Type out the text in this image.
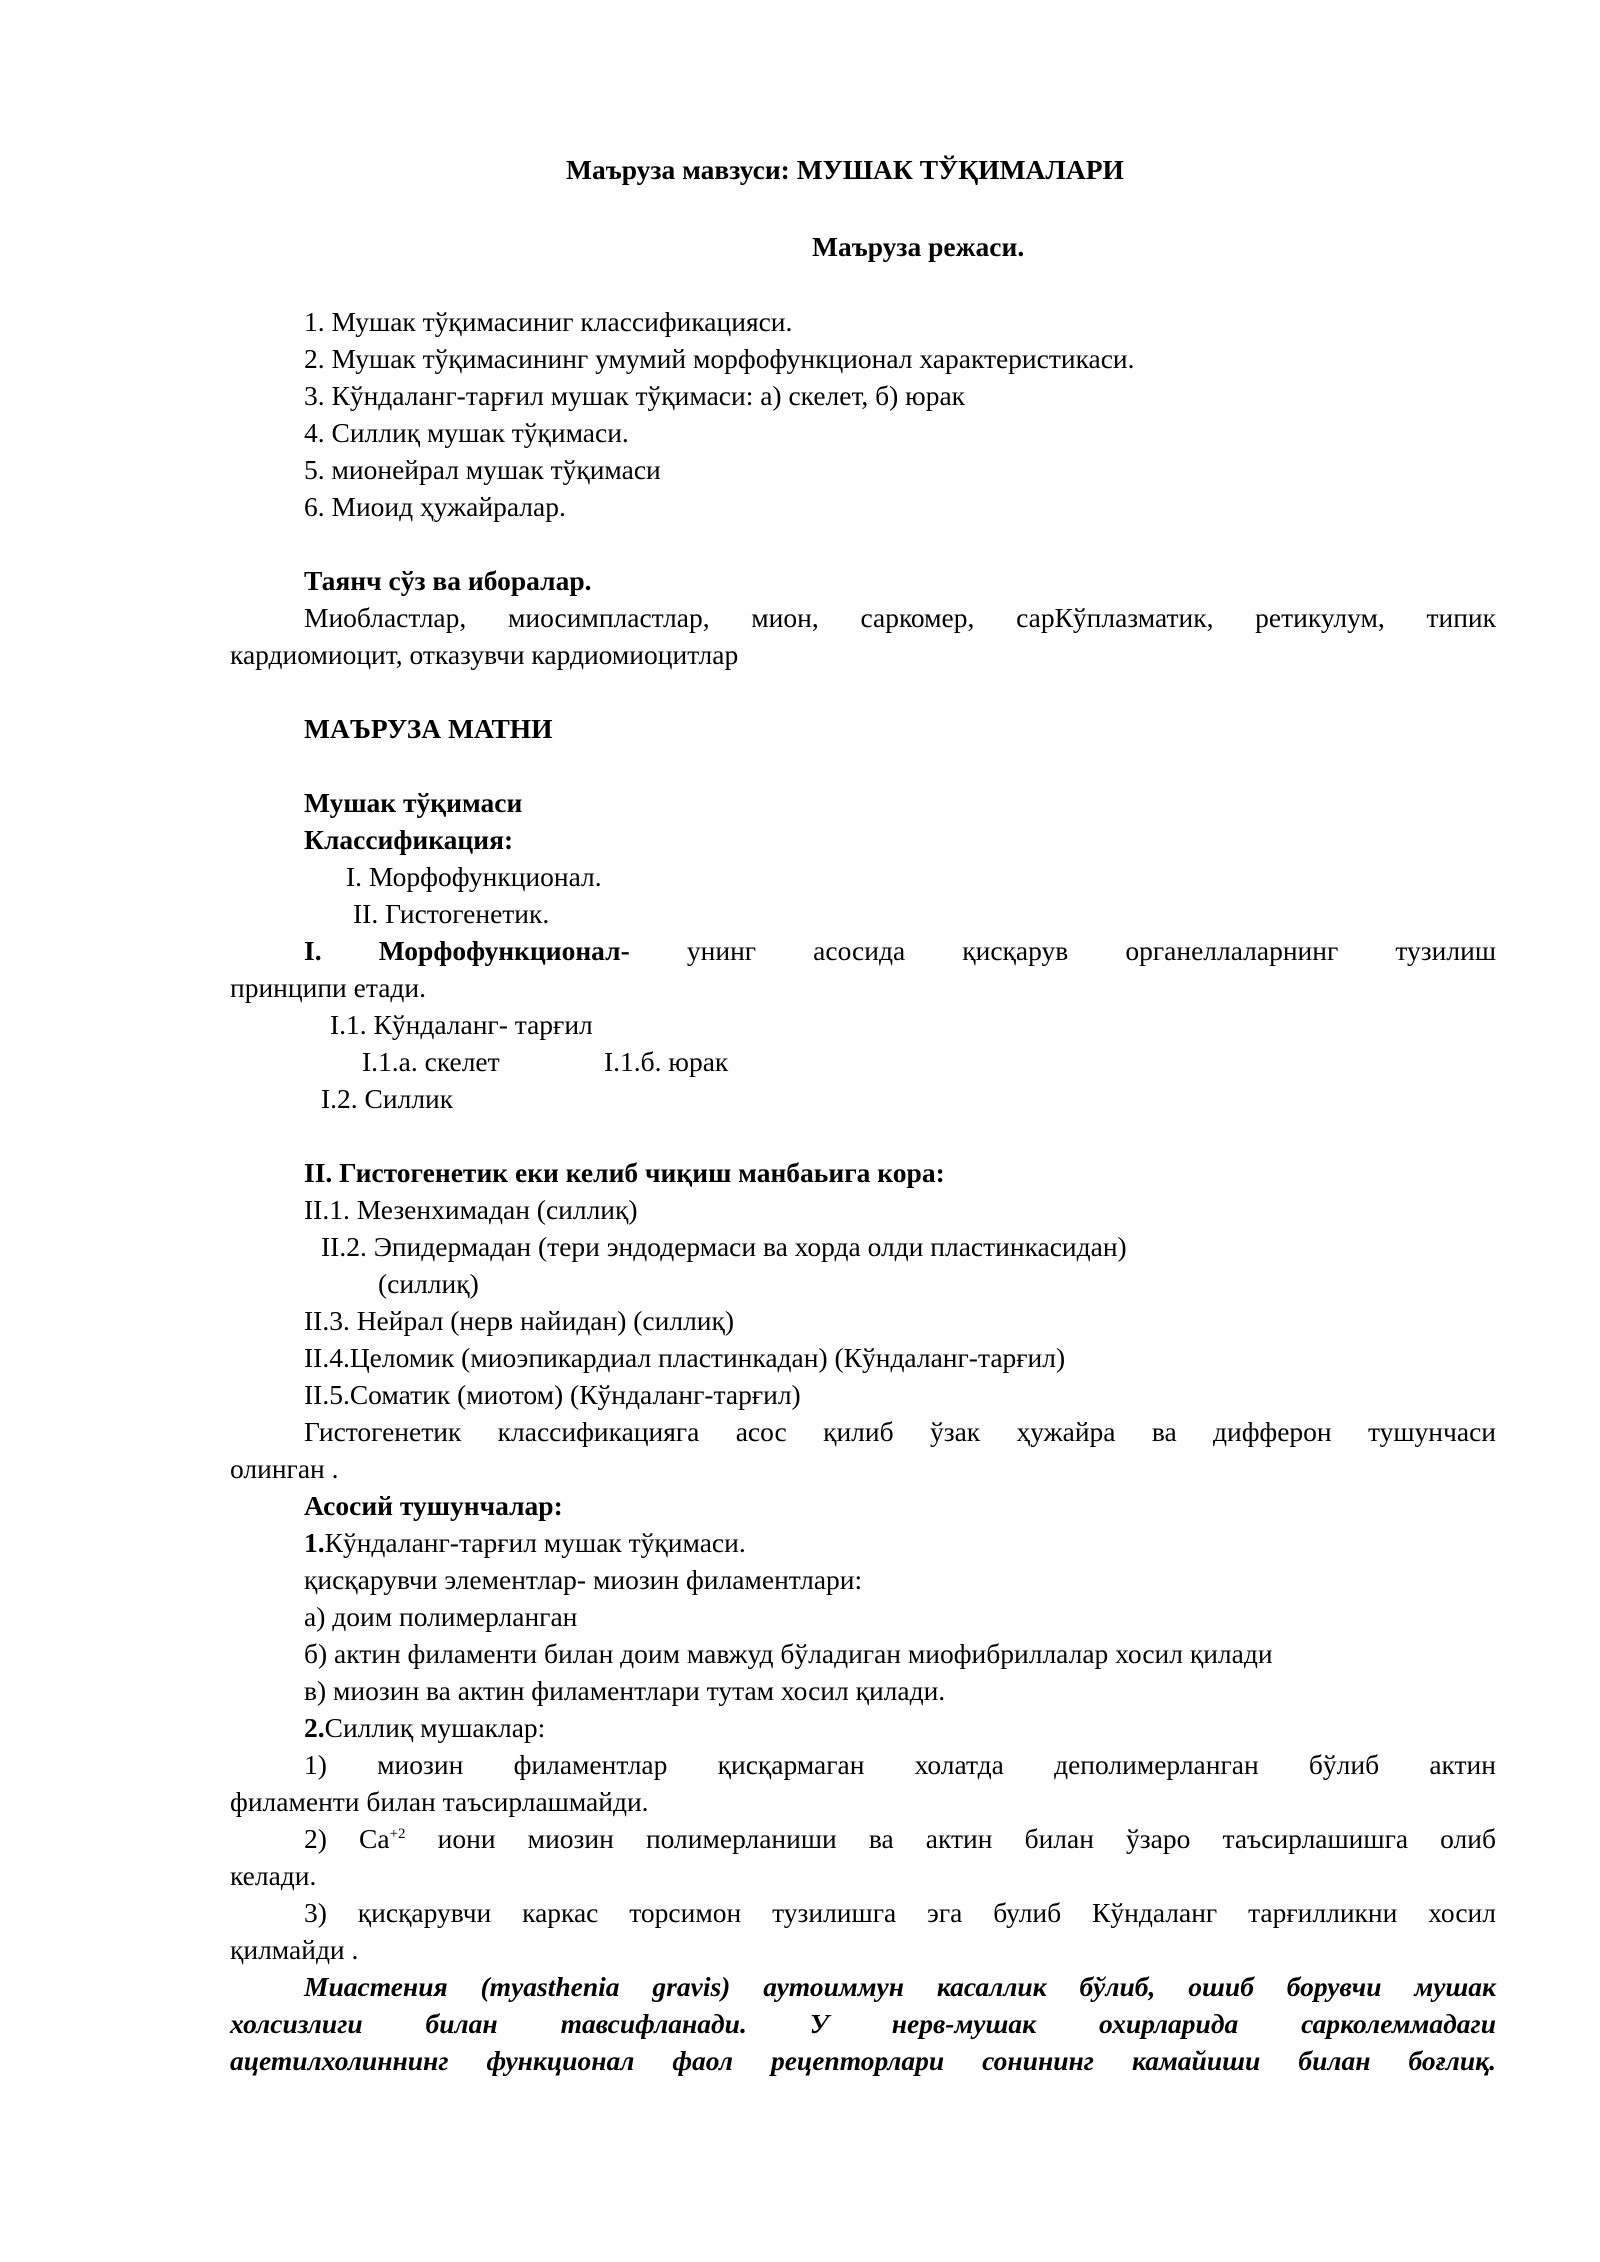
Маъруза мавзуси: МУШАК ТЎҚИМАЛАРИ
Маъруза режаси.
1. Мушак тўқимасиниг классификацияси.
2. Мушак тўқимасининг умумий морфофункционал характеристикаси.
3. Кўндаланг-тарғил мушак тўқимаси: а) скелет, б) юрак
4. Силлиқ мушак тўқимаси.
5. мионейрал мушак тўқимаси
6. Миоид ҳужайралар.
Таянч сўз ва иборалар.
Миобластлар, миосимпластлар, мион, саркомер, сарКўплазматик, ретикулум, типик
кардиомиоцит, отказувчи кардиомиоцитлар
МАЪРУЗА МАТНИ
Мушак тўқимаси
Классификация:
I. Морфофункционал.
II. Гистогенетик.
I. Морфофункционал- унинг асосида қисқарув органеллаларнинг тузилиш
принципи етади.
I.1. Кўндаланг- тарғил
I.1.а. скелет	I.1.б. юрак
I.2. Силлик
II. Гистогенетик еки келиб чиқиш манбаьига кора:
II.1. Мезенхимадан (силлиқ)
II.2. Эпидермадан (тери эндодермаси ва хорда олди пластинкасидан)
(силлиқ)
II.3. Нейрал (нерв найидан) (силлиқ)
II.4.Целомик (миоэпикардиал пластинкадан) (Кўндаланг-тарғил)
II.5.Соматик (миотом) (Кўндаланг-тарғил)
Гистогенетик классификацияга асос қилиб ўзак ҳужайра ва дифферон тушунчаси
олинган .
Асосий тушунчалар:
1.Кўндаланг-тарғил мушак тўқимаси.
қисқарувчи элементлар- миозин филаментлари:
а) доим полимерланган
б) актин филаменти билан доим мавжуд бўладиган миофибриллалар хосил қилади
в) миозин ва актин филаментлари тутам хосил қилади.
2.Силлиқ мушаклар:
1) миозин филаментлар қисқармаган холатда деполимерланган бўлиб актин
филаменти билан таъсирлашмайди.
2) $Ca^{+2}$ иони миозин полимерланиши ва актин билан ўзаро таъсирлашишга олиб
келади.
3) қисқарувчи каркас торсимон тузилишга эга булиб Кўндаланг тарғилликни хосил
қилмайди .
Миастения (myasthenia gravis) аутоиммун касаллик бўлиб, ошиб борувчи мушак
холсизлиги билан тавсифланади. У нерв-мушак охирларида сарколеммадаги
ацетилхолиннинг функционал фаол рецепторлари сонининг камайиши билан боғлиқ.
